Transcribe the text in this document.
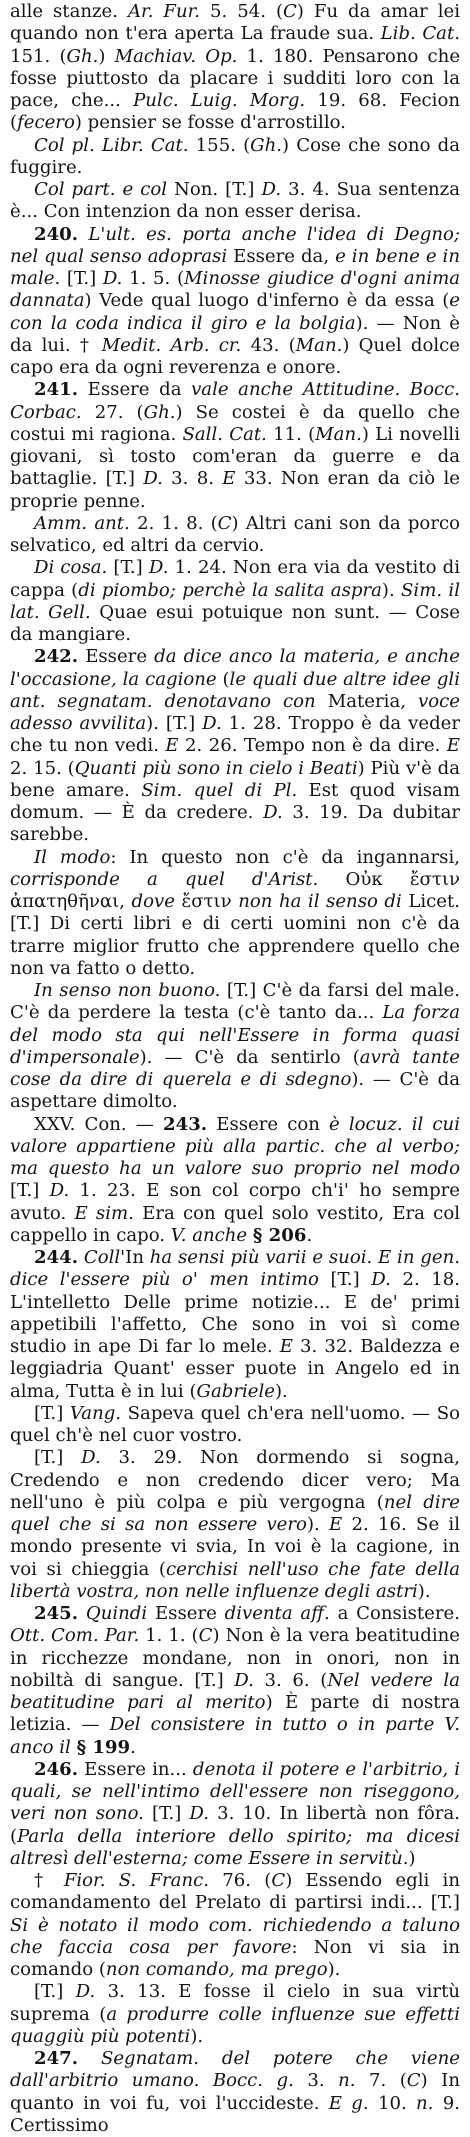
alle stanze. Ar. Fur. 5. 54. (C) Fu da amar lei quando non t'era aperta La fraude sua. Lib. Cat. 151. (Gh.) Machiav. Op. 1. 180. Pensarono che fosse piuttosto da placare i sudditi loro con la pace, che... Pulc. Luig. Morg. 19. 68. Fecion (fecero) pensier se fosse d'arrostillo.

Col pl. Libr. Cat. 155. (Gh.) Cose che sono da fuggire.

Col part. e col Non. [T.] D. 3. 4. Sua sentenza è... Con intenzion da non esser derisa.

240. L'ult. es. porta anche l'idea di Degno; nel qual senso adoprasi Essere da, e in bene e in male. [T.] D. 1. 5. (Minosse giudice d'ogni anima dannata) Vede qual luogo d'inferno è da essa (e con la coda indica il giro e la bolgia). — Non è da lui. † Medit. Arb. cr. 43. (Man.) Quel dolce capo era da ogni reverenza e onore.

241. Essere da vale anche Attitudine. Bocc. Corbac. 27. (Gh.) Se costei è da quello che costui mi ragiona. Sall. Cat. 11. (Man.) Li novelli giovani, sì tosto com'eran da guerre e da battaglie. [T.] D. 3. 8. E 33. Non eran da ciò le proprie penne.

Amm. ant. 2. 1. 8. (C) Altri cani son da porco selvatico, ed altri da cervio.

Di cosa. [T.] D. 1. 24. Non era via da vestito di cappa (di piombo; perchè la salita aspra). Sim. il lat. Gell. Quae esui potuique non sunt. — Cose da mangiare.

242. Essere da dice anco la materia, e anche l'occasione, la cagione (le quali due altre idee gli ant. segnatam. denotavano con Materia, voce adesso avvilita). [T.] D. 1. 28. Troppo è da veder che tu non vedi. E 2. 26. Tempo non è da dire. E 2. 15. (Quanti più sono in cielo i Beati) Più v'è da bene amare. Sim. quel di Pl. Est quod visam domum. — È da credere. D. 3. 19. Da dubitar sarebbe.

Il modo: In questo non c'è da ingannarsi, corrisponde a quel d'Arist. Οὐκ ἔστιν ἀπατηθῆναι, dove ἔστιν non ha il senso di Licet. [T.] Di certi libri e di certi uomini non c'è da trarre miglior frutto che apprendere quello che non va fatto o detto.

In senso non buono. [T.] C'è da farsi del male. C'è da perdere la testa (c'è tanto da... La forza del modo sta qui nell'Essere in forma quasi d'impersonale). — C'è da sentirlo (avrà tante cose da dire di querela e di sdegno). — C'è da aspettare dimolto.

XXV. Con. — 243. Essere con è locuz. il cui valore appartiene più alla partic. che al verbo; ma questo ha un valore suo proprio nel modo [T.] D. 1. 23. E son col corpo ch'i' ho sempre avuto. E sim. Era con quel solo vestito, Era col cappello in capo. V. anche § 206.

244. Coll'In ha sensi più varii e suoi. E in gen. dice l'essere più o' men intimo [T.] D. 2. 18. L'intelletto Delle prime notizie... E de' primi appetibili l'affetto, Che sono in voi sì come studio in ape Di far lo mele. E 3. 32. Baldezza e leggiadria Quant' esser puote in Angelo ed in alma, Tutta è in lui (Gabriele).

[T.] Vang. Sapeva quel ch'era nell'uomo. — So quel ch'è nel cuor vostro.

[T.] D. 3. 29. Non dormendo si sogna, Credendo e non credendo dicer vero; Ma nell'uno è più colpa e più vergogna (nel dire quel che si sa non essere vero). E 2. 16. Se il mondo presente vi svia, In voi è la cagione, in voi si chieggia (cerchisi nell'uso che fate della libertà vostra, non nelle influenze degli astri).

245. Quindi Essere diventa aff. a Consistere. Ott. Com. Par. 1. 1. (C) Non è la vera beatitudine in ricchezze mondane, non in onori, non in nobiltà di sangue. [T.] D. 3. 6. (Nel vedere la beatitudine pari al merito) È parte di nostra letizia. — Del consistere in tutto o in parte V. anco il § 199.

246. Essere in... denota il potere e l'arbitrio, i quali, se nell'intimo dell'essere non riseggono, veri non sono. [T.] D. 3. 10. In libertà non fôra. (Parla della interiore dello spirito; ma dicesi altresì dell'esterna; come Essere in servitù.)

† Fior. S. Franc. 76. (C) Essendo egli in comandamento del Prelato di partirsi indi... [T.] Si è notato il modo com. richiedendo a taluno che faccia cosa per favore: Non vi sia in comando (non comando, ma prego).

[T.] D. 3. 13. E fosse il cielo in sua virtù suprema (a produrre colle influenze sue effetti quaggiù più potenti).

247. Segnatam. del potere che viene dall'arbitrio umano. Bocc. g. 3. n. 7. (C) In quanto in voi fu, voi l'uccideste. E g. 10. n. 9. Certissimo
